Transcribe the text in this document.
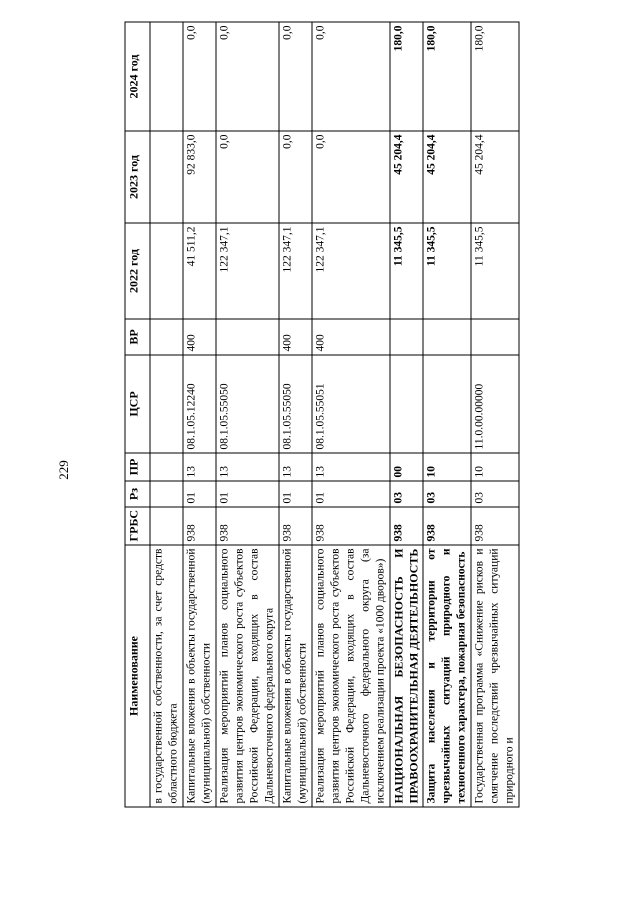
229
Наименование	ГРБС	Рз	ПР	ЦСР	ВР	2022 год	2023 год	2024 год
в государственной собственности, за счет средств областного бюджета								
Капитальные вложения в объекты государственной (муниципальной) собственности	938	01	13	08.1.05.12240	400	41 511,2	92 833,0	0,0
Реализация мероприятий планов социального развития центров экономического роста субъектов Российской Федерации, входящих в состав Дальневосточного федерального округа	938	01	13	08.1.05.55050		122 347,1	0,0	0,0
Капитальные вложения в объекты государственной (муниципальной) собственности	938	01	13	08.1.05.55050	400	122 347,1	0,0	0,0
Реализация мероприятий планов социального развития центров экономического роста субъектов Российской Федерации, входящих в состав Дальневосточного федерального округа (за исключением реализации проекта «1000 дворов»)	938	01	13	08.1.05.55051	400	122 347,1	0,0	0,0
НАЦИОНАЛЬНАЯ БЕЗОПАСНОСТЬ И ПРАВООХРАНИТЕЛЬНАЯ ДЕЯТЕЛЬНОСТЬ	938	03	00			11 345,5	45 204,4	180,0
Защита населения и территории от чрезвычайных ситуаций природного и техногенного характера, пожарная безопасность	938	03	10			11 345,5	45 204,4	180,0
Государственная программа «Снижение рисков и смягчение последствий чрезвычайных ситуаций природного и	938	03	10	11.0.00.00000		11 345,5	45 204,4	180,0
